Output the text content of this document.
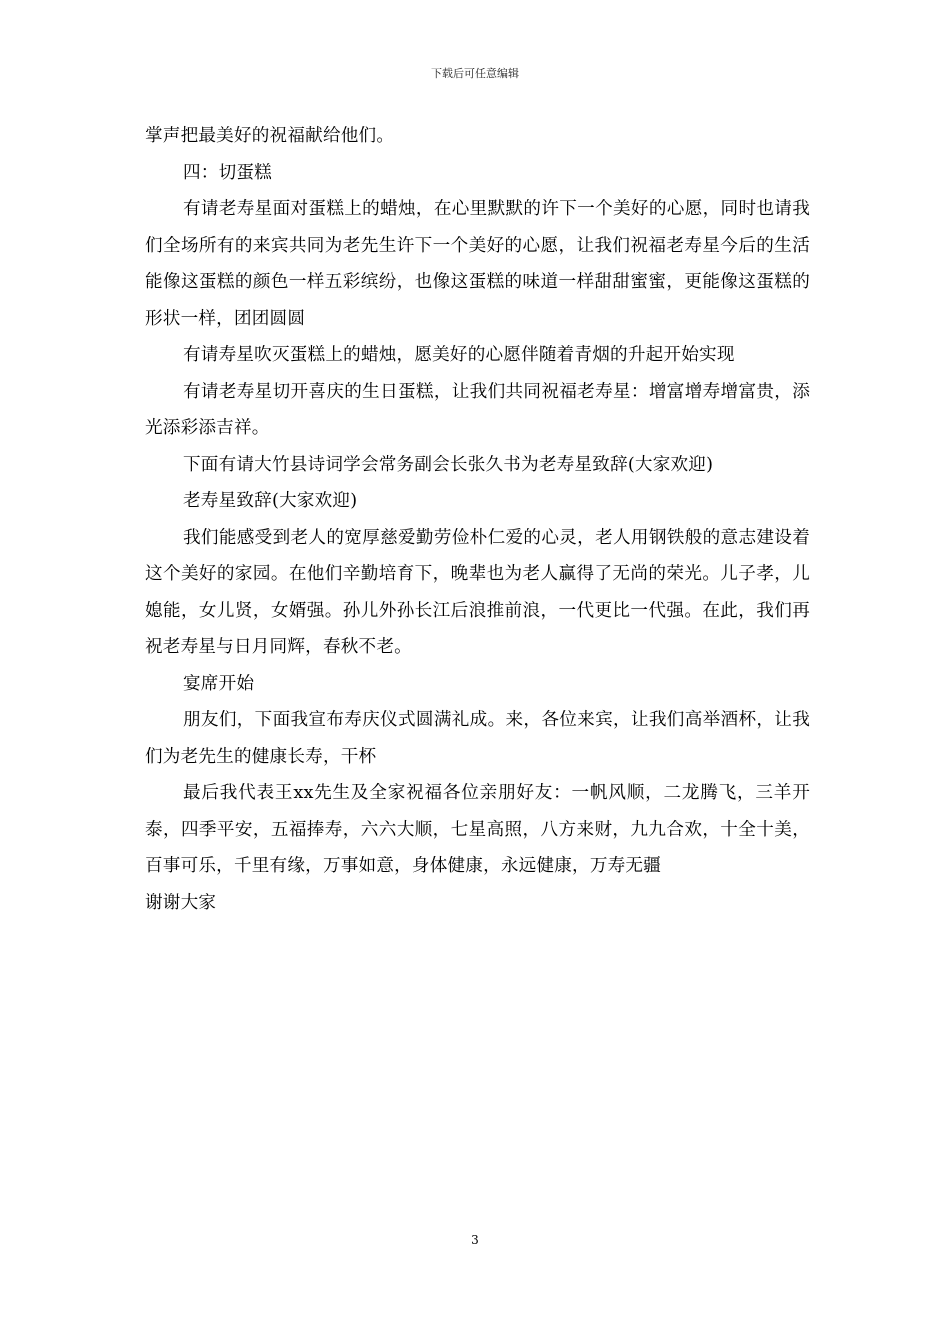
下载后可任意编辑

掌声把最美好的祝福献给他们。

四：切蛋糕

有请老寿星面对蛋糕上的蜡烛，在心里默默的许下一个美好的心愿，同时也请我们全场所有的来宾共同为老先生许下一个美好的心愿，让我们祝福老寿星今后的生活能像这蛋糕的颜色一样五彩缤纷，也像这蛋糕的味道一样甜甜蜜蜜，更能像这蛋糕的形状一样，团团圆圆

有请寿星吹灭蛋糕上的蜡烛，愿美好的心愿伴随着青烟的升起开始实现

有请老寿星切开喜庆的生日蛋糕，让我们共同祝福老寿星：增富增寿增富贵，添光添彩添吉祥。

下面有请大竹县诗词学会常务副会长张久书为老寿星致辞(大家欢迎)

老寿星致辞(大家欢迎)

我们能感受到老人的宽厚慈爱勤劳俭朴仁爱的心灵，老人用钢铁般的意志建设着这个美好的家园。在他们辛勤培育下，晚辈也为老人赢得了无尚的荣光。儿子孝，儿媳能，女儿贤，女婿强。孙儿外孙长江后浪推前浪，一代更比一代强。在此，我们再祝老寿星与日月同辉，春秋不老。

宴席开始

朋友们，下面我宣布寿庆仪式圆满礼成。来，各位来宾，让我们高举酒杯，让我们为老先生的健康长寿，干杯

最后我代表王xx先生及全家祝福各位亲朋好友：一帆风顺，二龙腾飞，三羊开泰，四季平安，五福捧寿，六六大顺，七星高照，八方来财，九九合欢，十全十美，百事可乐，千里有缘，万事如意，身体健康，永远健康，万寿无疆

谢谢大家

3
